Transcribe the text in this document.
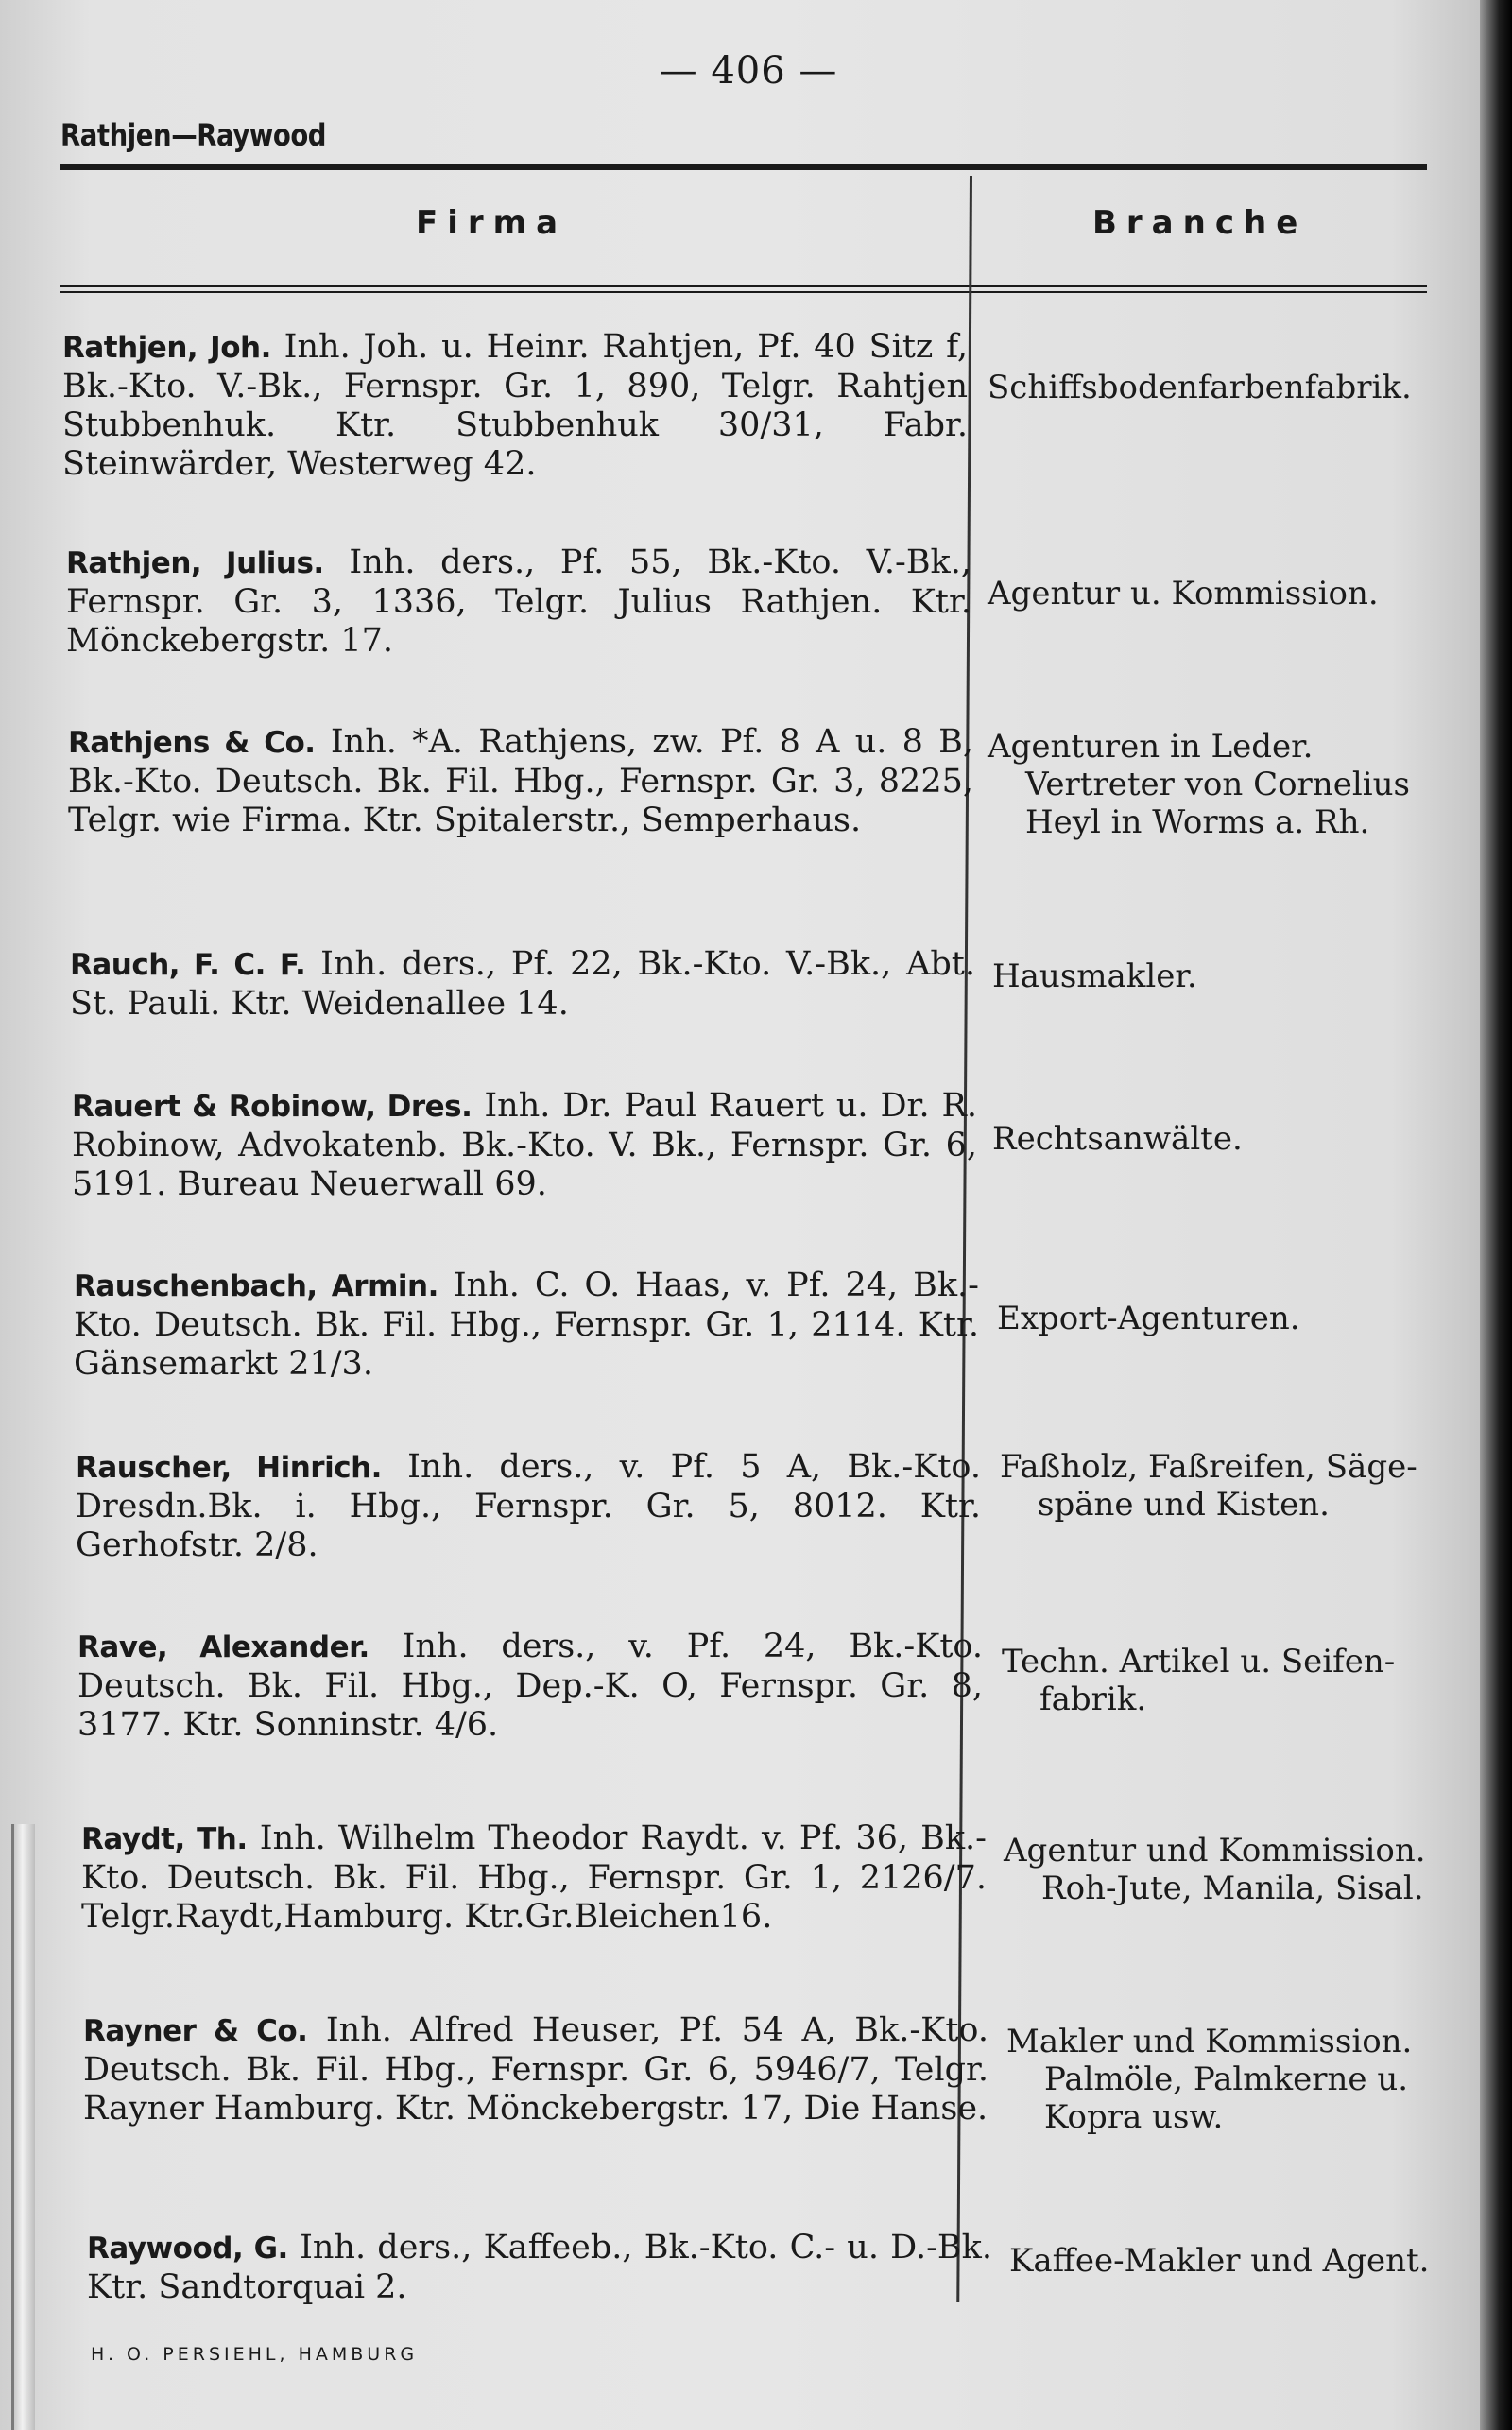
— 406 —
Rathjen—Raywood
Firma	Branche
Rathjen, Joh. Inh. Joh. u. Heinr. Rahtjen, Pf. 40 Sitz f, Bk.-Kto. V.-Bk., Fernspr. Gr. 1, 890, Telgr. Rahtjen Stubbenhuk. Ktr. Stubbenhuk 30/31, Fabr. Steinwärder, Westerweg 42.
Schiffsbodenfarbenfabrik.
Rathjen, Julius. Inh. ders., Pf. 55, Bk.-Kto. V.-Bk., Fernspr. Gr. 3, 1336, Telgr. Julius Rathjen. Ktr. Mönckebergstr. 17.
Agentur u. Kommission.
Rathjens & Co. Inh. *A. Rathjens, zw. Pf. 8 A u. 8 B, Bk.-Kto. Deutsch. Bk. Fil. Hbg., Fernspr. Gr. 3, 8225, Telgr. wie Firma. Ktr. Spitalerstr., Semperhaus.
Agenturen in Leder.
Vertreter von Cornelius
Heyl in Worms a. Rh.
Rauch, F. C. F. Inh. ders., Pf. 22, Bk.-Kto. V.-Bk., Abt. St. Pauli. Ktr. Weidenallee 14.
Hausmakler.
Rauert & Robinow, Dres. Inh. Dr. Paul Rauert u. Dr. R. Robinow, Advokatenb. Bk.-Kto. V. Bk., Fernspr. Gr. 6, 5191. Bureau Neuerwall 69.
Rechtsanwälte.
Rauschenbach, Armin. Inh. C. O. Haas, v. Pf. 24, Bk.-Kto. Deutsch. Bk. Fil. Hbg., Fernspr. Gr. 1, 2114. Ktr. Gänsemarkt 21/3.
Export-Agenturen.
Rauscher, Hinrich. Inh. ders., v. Pf. 5 A, Bk.-Kto. Dresdn.Bk. i. Hbg., Fernspr. Gr. 5, 8012. Ktr. Gerhofstr. 2/8.
Faßholz, Faßreifen, Säge-
späne und Kisten.
Rave, Alexander. Inh. ders., v. Pf. 24, Bk.-Kto. Deutsch. Bk. Fil. Hbg., Dep.-K. O, Fernspr. Gr. 8, 3177. Ktr. Sonninstr. 4/6.
Techn. Artikel u. Seifen-
fabrik.
Raydt, Th. Inh. Wilhelm Theodor Raydt. v. Pf. 36, Bk.-Kto. Deutsch. Bk. Fil. Hbg., Fernspr. Gr. 1, 2126/7. Telgr.Raydt,Hamburg. Ktr.Gr.Bleichen16.
Agentur und Kommission.
Roh-Jute, Manila, Sisal.
Rayner & Co. Inh. Alfred Heuser, Pf. 54 A, Bk.-Kto. Deutsch. Bk. Fil. Hbg., Fernspr. Gr. 6, 5946/7, Telgr. Rayner Hamburg. Ktr. Mönckebergstr. 17, Die Hanse.
Makler und Kommission.
Palmöle, Palmkerne u.
Kopra usw.
Raywood, G. Inh. ders., Kaffeeb., Bk.-Kto. C.- u. D.-Bk. Ktr. Sandtorquai 2.
Kaffee-Makler und Agent.
H. O. PERSIEHL, HAMBURG
